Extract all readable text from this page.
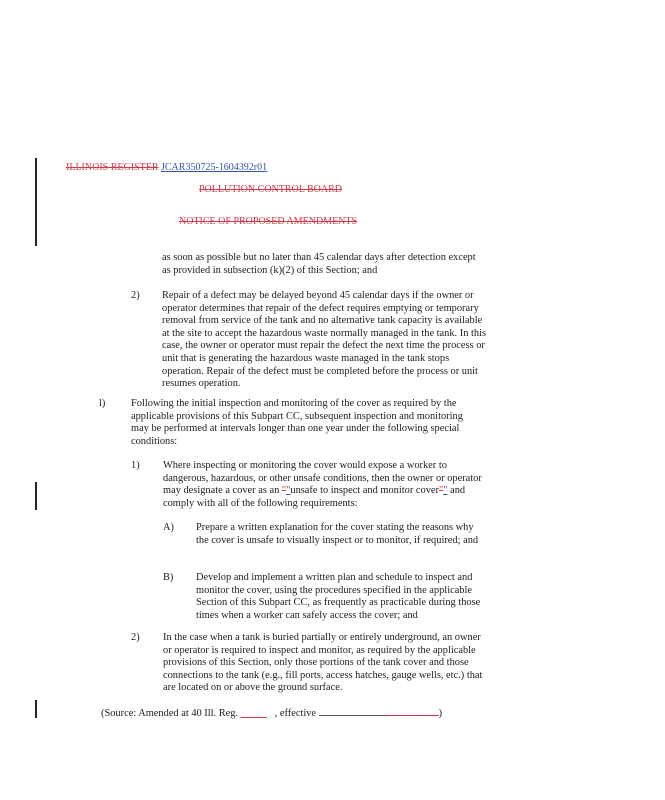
ILLINOIS REGISTER JCAR350725-1604392r01
POLLUTION CONTROL BOARD
NOTICE OF PROPOSED AMENDMENTS

as soon as possible but no later than 45 calendar days after detection except as provided in subsection (k)(2) of this Section; and

2) Repair of a defect may be delayed beyond 45 calendar days if the owner or operator determines that repair of the defect requires emptying or temporary removal from service of the tank and no alternative tank capacity is available at the site to accept the hazardous waste normally managed in the tank. In this case, the owner or operator must repair the defect the next time the process or unit that is generating the hazardous waste managed in the tank stops operation. Repair of the defect must be completed before the process or unit resumes operation.

l) Following the initial inspection and monitoring of the cover as required by the applicable provisions of this Subpart CC, subsequent inspection and monitoring may be performed at intervals longer than one year under the following special conditions:

1) Where inspecting or monitoring the cover would expose a worker to dangerous, hazardous, or other unsafe conditions, then the owner or operator may designate a cover as an ""unsafe to inspect and monitor cover"" and comply with all of the following requirements:

A) Prepare a written explanation for the cover stating the reasons why the cover is unsafe to visually inspect or to monitor, if required; and

B) Develop and implement a written plan and schedule to inspect and monitor the cover, using the procedures specified in the applicable Section of this Subpart CC, as frequently as practicable during those times when a worker can safely access the cover; and

2) In the case when a tank is buried partially or entirely underground, an owner or operator is required to inspect and monitor, as required by the applicable provisions of this Section, only those portions of the tank cover and those connections to the tank (e.g., fill ports, access hatches, gauge wells, etc.) that are located on or above the ground surface.

(Source: Amended at 40 Ill. Reg. _____ , effective	)
